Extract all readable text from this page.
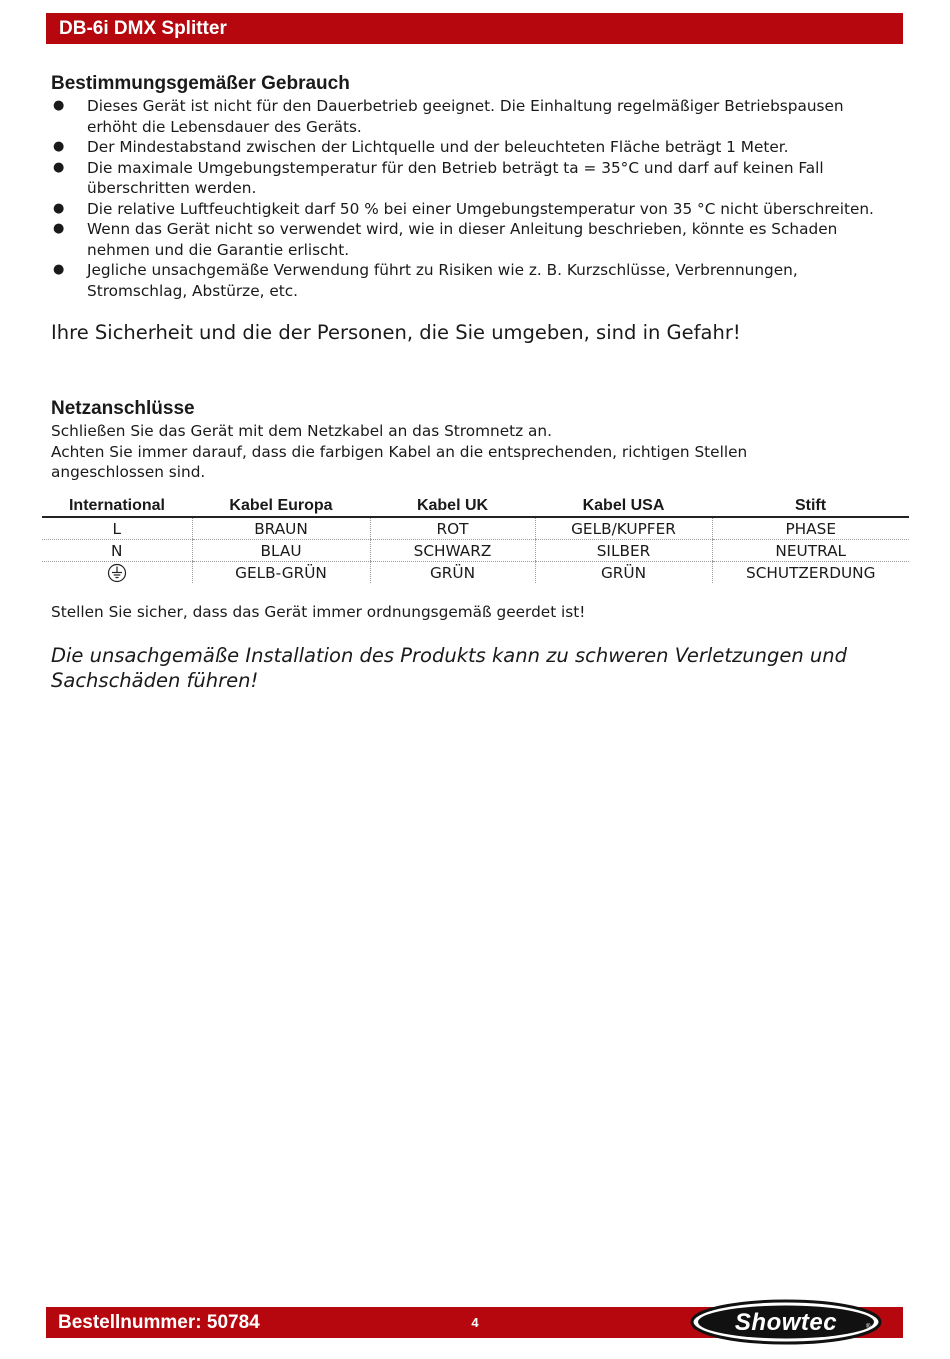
DB-6i DMX Splitter
Bestimmungsgemäßer Gebrauch
● Dieses Gerät ist nicht für den Dauerbetrieb geeignet. Die Einhaltung regelmäßiger Betriebspausen
erhöht die Lebensdauer des Geräts.
● Der Mindestabstand zwischen der Lichtquelle und der beleuchteten Fläche beträgt 1 Meter.
● Die maximale Umgebungstemperatur für den Betrieb beträgt ta = 35°C und darf auf keinen Fall
überschritten werden.
● Die relative Luftfeuchtigkeit darf 50 % bei einer Umgebungstemperatur von 35 °C nicht überschreiten.
● Wenn das Gerät nicht so verwendet wird, wie in dieser Anleitung beschrieben, könnte es Schaden
nehmen und die Garantie erlischt.
● Jegliche unsachgemäße Verwendung führt zu Risiken wie z. B. Kurzschlüsse, Verbrennungen,
Stromschlag, Abstürze, etc.
Ihre Sicherheit und die der Personen, die Sie umgeben, sind in Gefahr!
Netzanschlüsse

Schließen Sie das Gerät mit dem Netzkabel an das Stromnetz an.

Achten Sie immer darauf, dass die farbigen Kabel an die entsprechenden, richtigen Stellen

angeschlossen sind.

International	Kabel Europa	Kabel UK	Kabel USA	Stift
L	BRAUN	ROT	GELB/KUPFER	PHASE
N	BLAU	SCHWARZ	SILBER	NEUTRAL
	GELB-GRÜN	GRÜN	GRÜN	SCHUTZERDUNG
Stellen Sie sicher, dass das Gerät immer ordnungsgemäß geerdet ist!
Die unsachgemäße Installation des Produkts kann zu schweren Verletzungen und
Sachschäden führen!
Bestellnummer: 50784	4	Showtec	®
